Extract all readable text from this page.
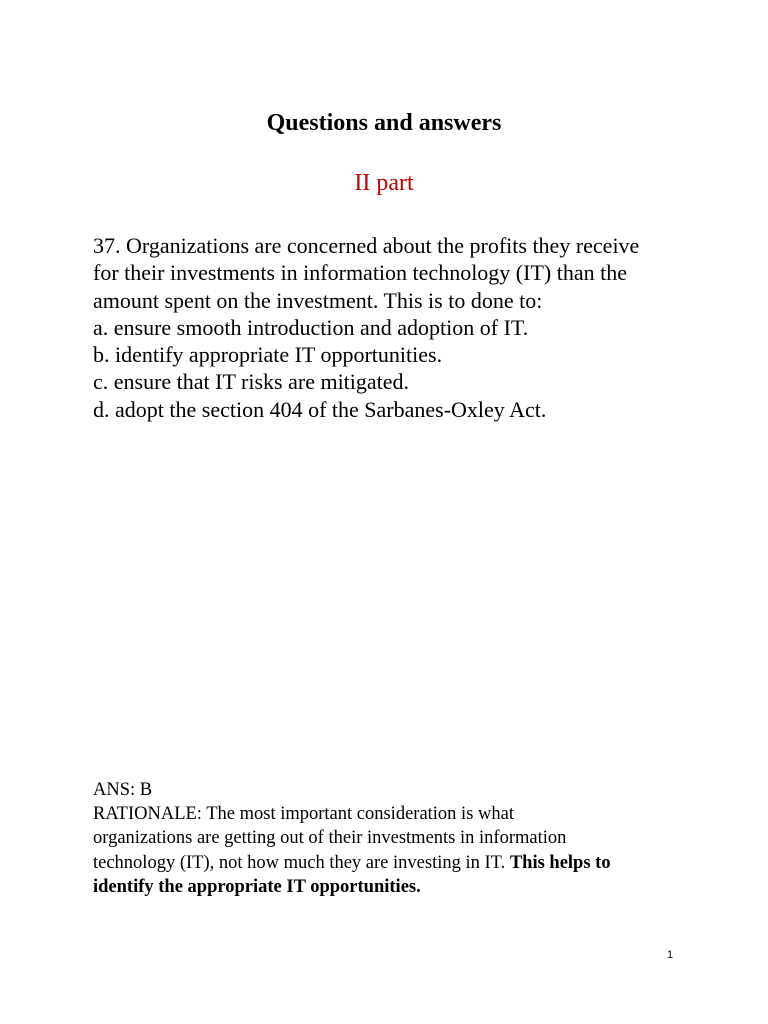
Questions and answers
II part
37. Organizations are concerned about the profits they receive
for their investments in information technology (IT) than the
amount spent on the investment. This is to done to:
a. ensure smooth introduction and adoption of IT.
b. identify appropriate IT opportunities.
c. ensure that IT risks are mitigated.
d. adopt the section 404 of the Sarbanes-Oxley Act.
ANS: B
RATIONALE: The most important consideration is what
organizations are getting out of their investments in information
technology (IT), not how much they are investing in IT. This helps to
identify the appropriate IT opportunities.
1
